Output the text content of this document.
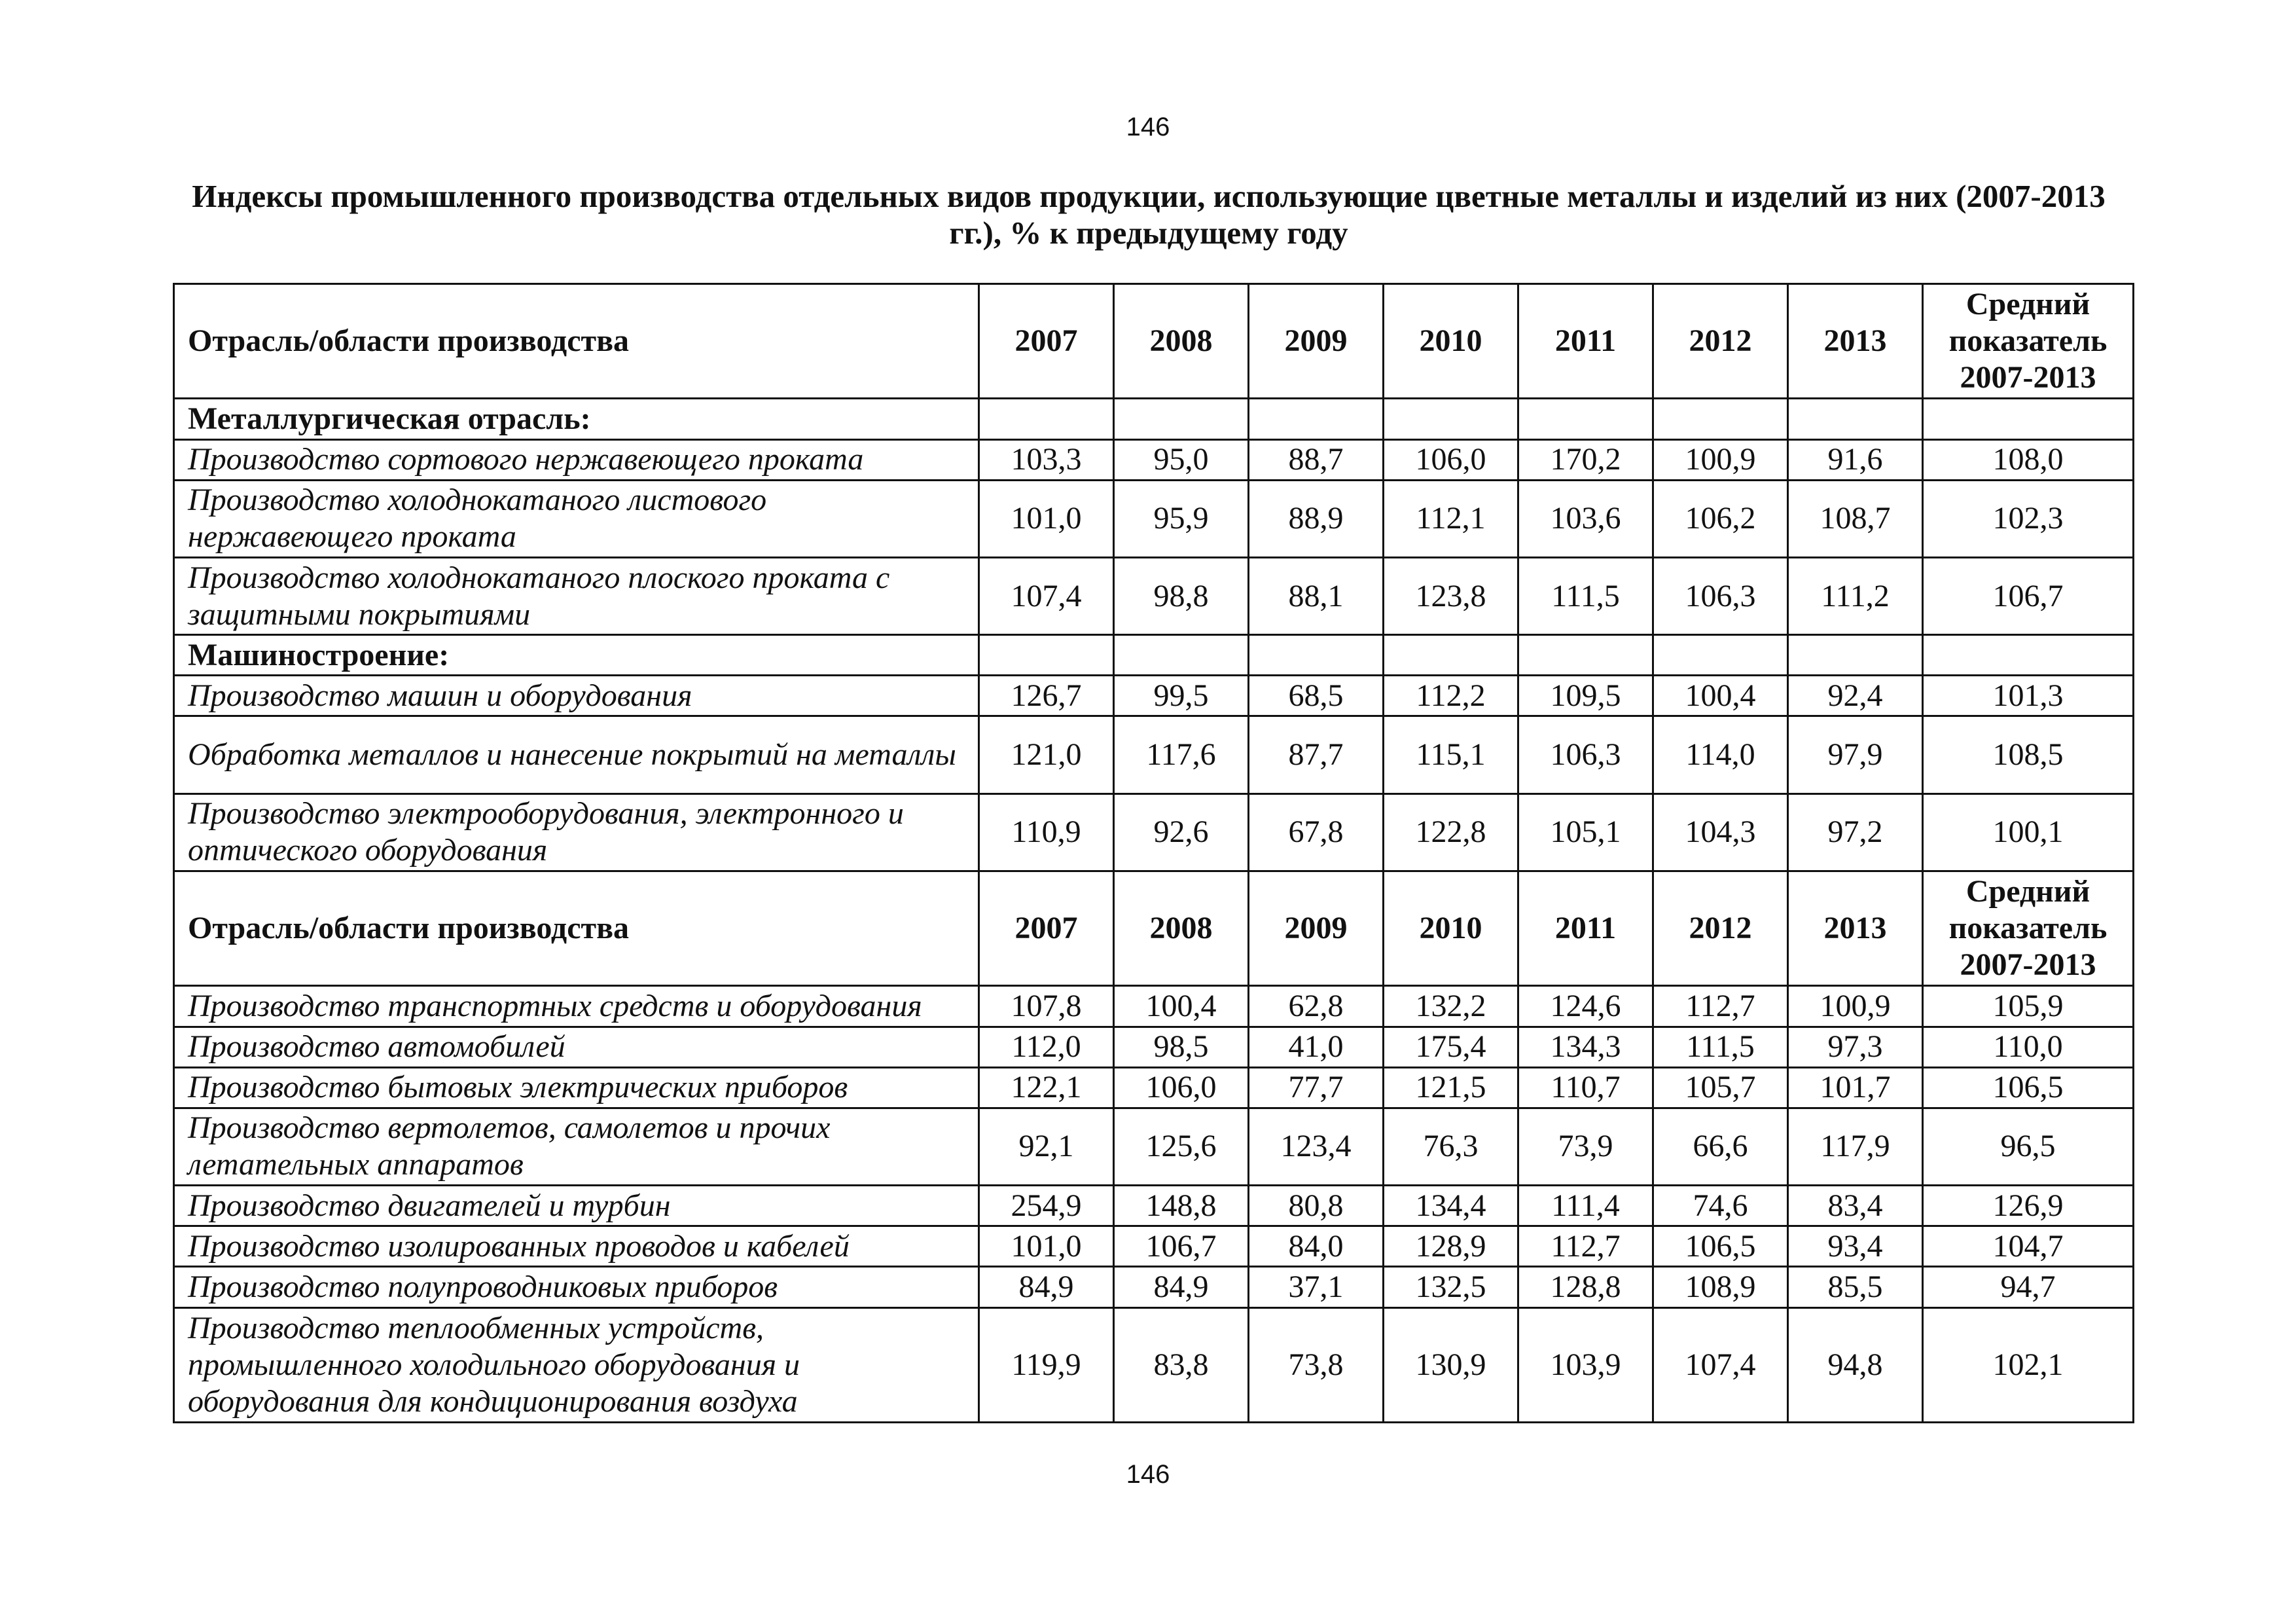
146
Индексы промышленного производства отдельных видов продукции, использующие цветные металлы и изделий из них (2007-2013 гг.), % к предыдущему году
Отрасль/области производства	2007	2008	2009	2010	2011	2012	2013	Средний
показатель
2007-2013

Металлургическая отрасль:								
Производство сортового нержавеющего проката	103,3	95,0	88,7	106,0	170,2	100,9	91,6	108,0
Производство холоднокатаного листового нержавеющего проката	101,0	95,9	88,9	112,1	103,6	106,2	108,7	102,3
Производство холоднокатаного плоского проката с защитными покрытиями	107,4	98,8	88,1	123,8	111,5	106,3	111,2	106,7
Машиностроение:								
Производство машин и оборудования	126,7	99,5	68,5	112,2	109,5	100,4	92,4	101,3
Обработка металлов и нанесение покрытий на металлы	121,0	117,6	87,7	115,1	106,3	114,0	97,9	108,5
Производство электрооборудования, электронного и оптического оборудования	110,9	92,6	67,8	122,8	105,1	104,3	97,2	100,1
Отрасль/области производства	2007	2008	2009	2010	2011	2012	2013	Средний
показатель
2007-2013

Производство транспортных средств и оборудования	107,8	100,4	62,8	132,2	124,6	112,7	100,9	105,9
Производство автомобилей	112,0	98,5	41,0	175,4	134,3	111,5	97,3	110,0
Производство бытовых электрических приборов	122,1	106,0	77,7	121,5	110,7	105,7	101,7	106,5
Производство вертолетов, самолетов и прочих летательных аппаратов	92,1	125,6	123,4	76,3	73,9	66,6	117,9	96,5
Производство двигателей и турбин	254,9	148,8	80,8	134,4	111,4	74,6	83,4	126,9
Производство изолированных проводов и кабелей	101,0	106,7	84,0	128,9	112,7	106,5	93,4	104,7
Производство полупроводниковых приборов	84,9	84,9	37,1	132,5	128,8	108,9	85,5	94,7
Производство теплообменных устройств, промышленного холодильного оборудования и оборудования для кондиционирования воздуха	119,9	83,8	73,8	130,9	103,9	107,4	94,8	102,1
146
